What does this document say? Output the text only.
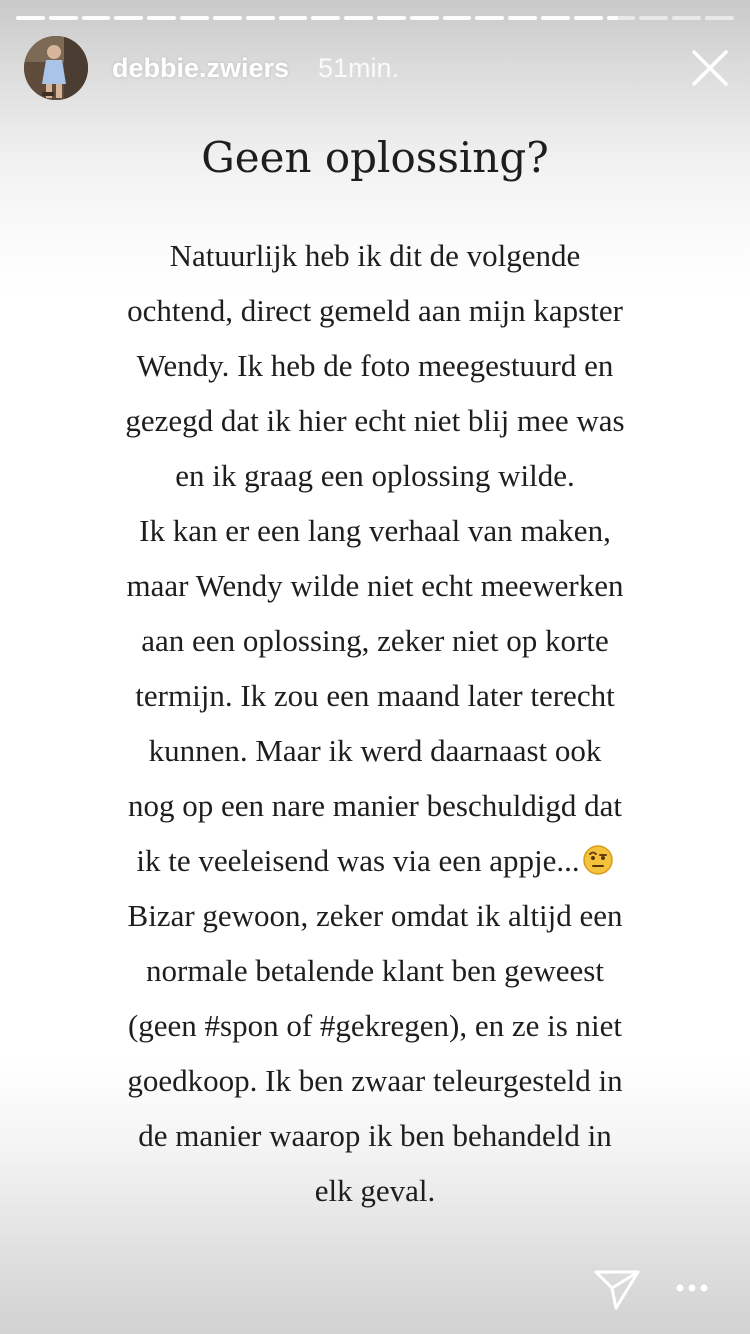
debbie.zwiers 51min.
Geen oplossing?
Natuurlijk heb ik dit de volgende
ochtend, direct gemeld aan mijn kapster
Wendy. Ik heb de foto meegestuurd en
gezegd dat ik hier echt niet blij mee was
en ik graag een oplossing wilde.
Ik kan er een lang verhaal van maken,
maar Wendy wilde niet echt meewerken
aan een oplossing, zeker niet op korte
termijn. Ik zou een maand later terecht
kunnen. Maar ik werd daarnaast ook
nog op een nare manier beschuldigd dat
ik te veeleisend was via een appje...
Bizar gewoon, zeker omdat ik altijd een
normale betalende klant ben geweest
(geen #spon of #gekregen), en ze is niet
goedkoop. Ik ben zwaar teleurgesteld in
de manier waarop ik ben behandeld in
elk geval.
